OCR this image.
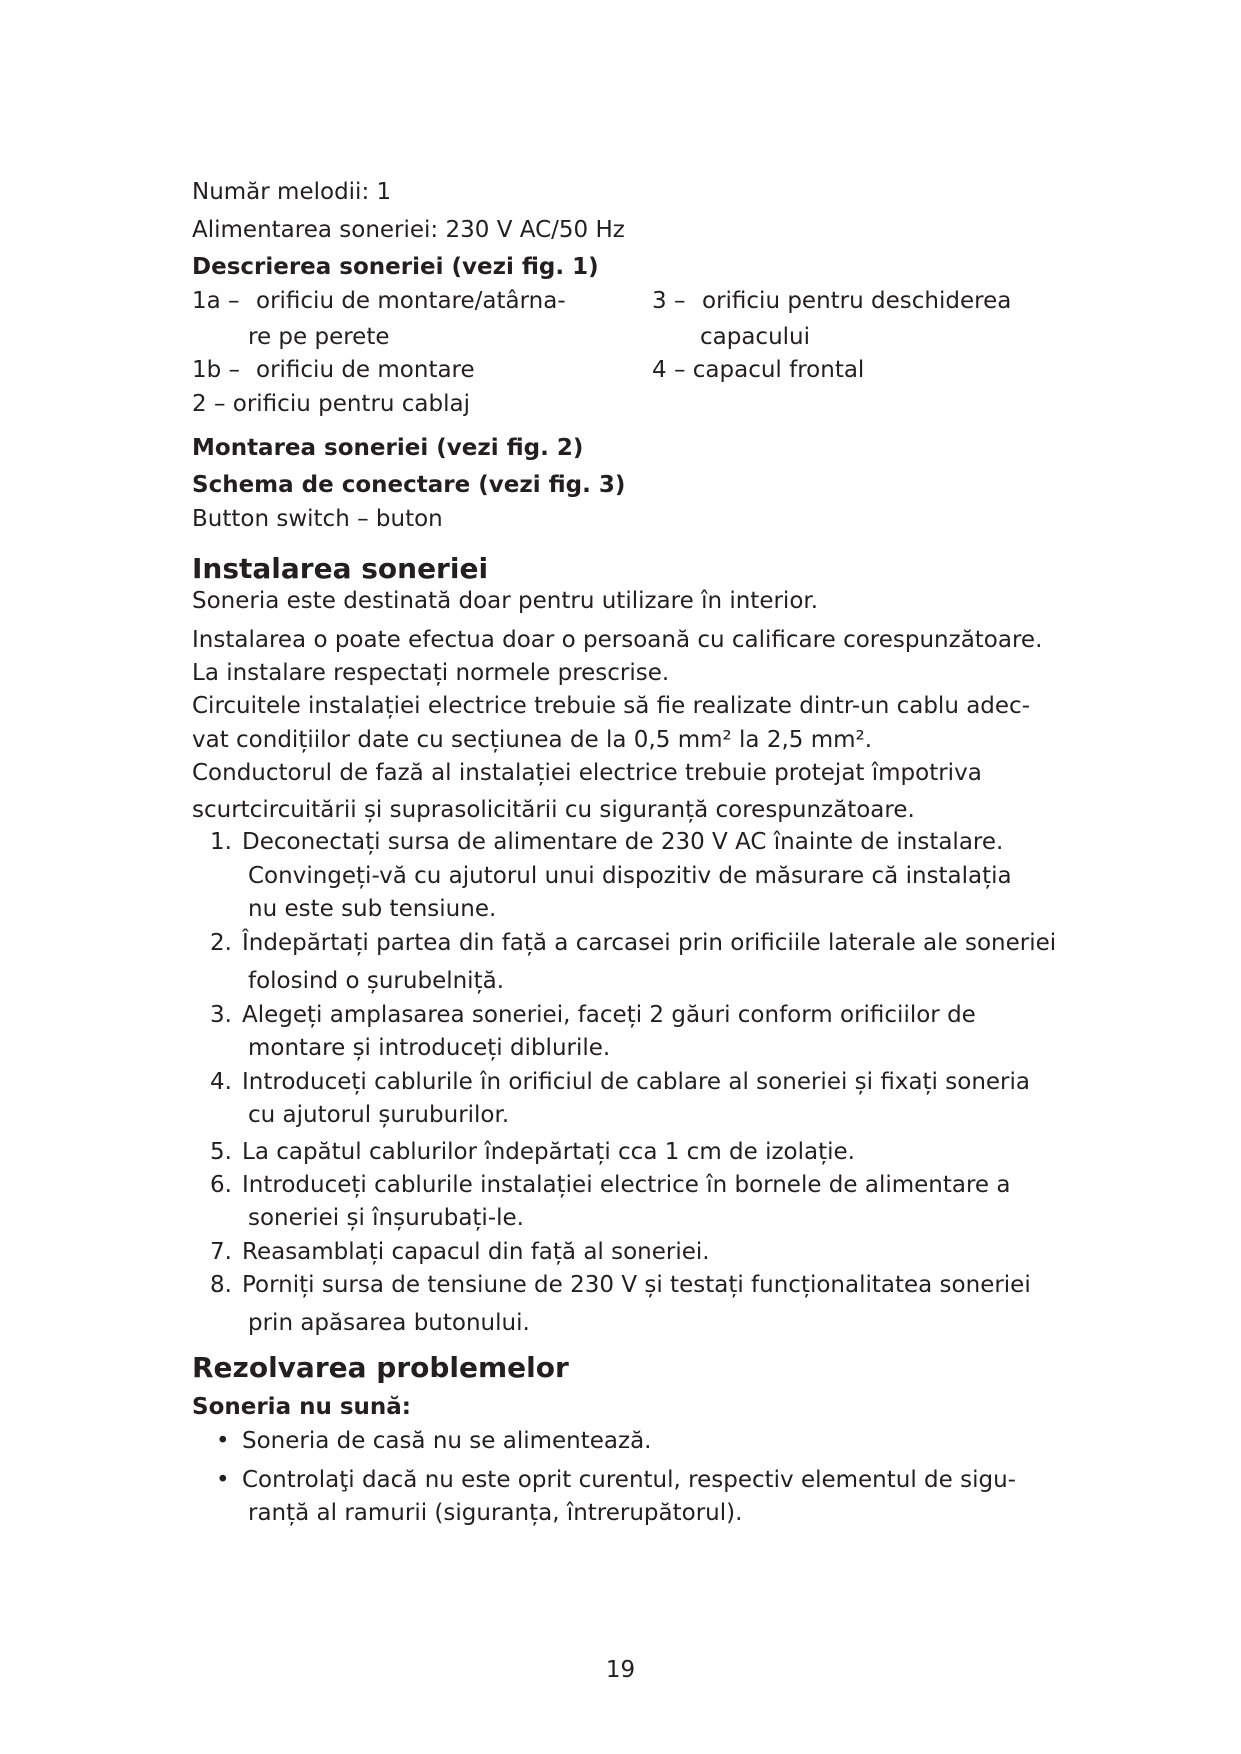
Număr melodii: 1

Alimentarea soneriei: 230 V AC/50 Hz

Descrierea soneriei (vezi fig. 1)

1a – orificiu de montare/atârna-

re pe perete

1b – orificiu de montare

2 – orificiu pentru cablaj

3 – orificiu pentru deschiderea

capacului

4 – capacul frontal

Montarea soneriei (vezi fig. 2)

Schema de conectare (vezi fig. 3)

Button switch – buton

Instalarea soneriei

Soneria este destinată doar pentru utilizare în interior.

Instalarea o poate efectua doar o persoană cu calificare corespunzătoare.

La instalare respectați normele prescrise.

Circuitele instalației electrice trebuie să fie realizate dintr-un cablu adec-

vat condițiilor date cu secțiunea de la 0,5 mm² la 2,5 mm².

Conductorul de fază al instalației electrice trebuie protejat împotriva

scurtcircuitării și suprasolicitării cu siguranță corespunzătoare.

1. Deconectați sursa de alimentare de 230 V AC înainte de instalare.

Convingeți-vă cu ajutorul unui dispozitiv de măsurare că instalația

nu este sub tensiune.

2. Îndepărtați partea din față a carcasei prin orificiile laterale ale soneriei

folosind o șurubelniță.

3. Alegeți amplasarea soneriei, faceți 2 găuri conform orificiilor de

montare și introduceți diblurile.

4. Introduceți cablurile în orificiul de cablare al soneriei și fixați soneria

cu ajutorul șuruburilor.

5. La capătul cablurilor îndepărtați cca 1 cm de izolație.

6. Introduceți cablurile instalației electrice în bornele de alimentare a

soneriei și înșurubați-le.

7. Reasamblați capacul din față al soneriei.

8. Porniți sursa de tensiune de 230 V și testați funcționalitatea soneriei

prin apăsarea butonului.

Rezolvarea problemelor

Soneria nu sună:

• Soneria de casă nu se alimentează.

• Controlaţi dacă nu este oprit curentul, respectiv elementul de sigu-

ranță al ramurii (siguranța, întrerupătorul).

19
